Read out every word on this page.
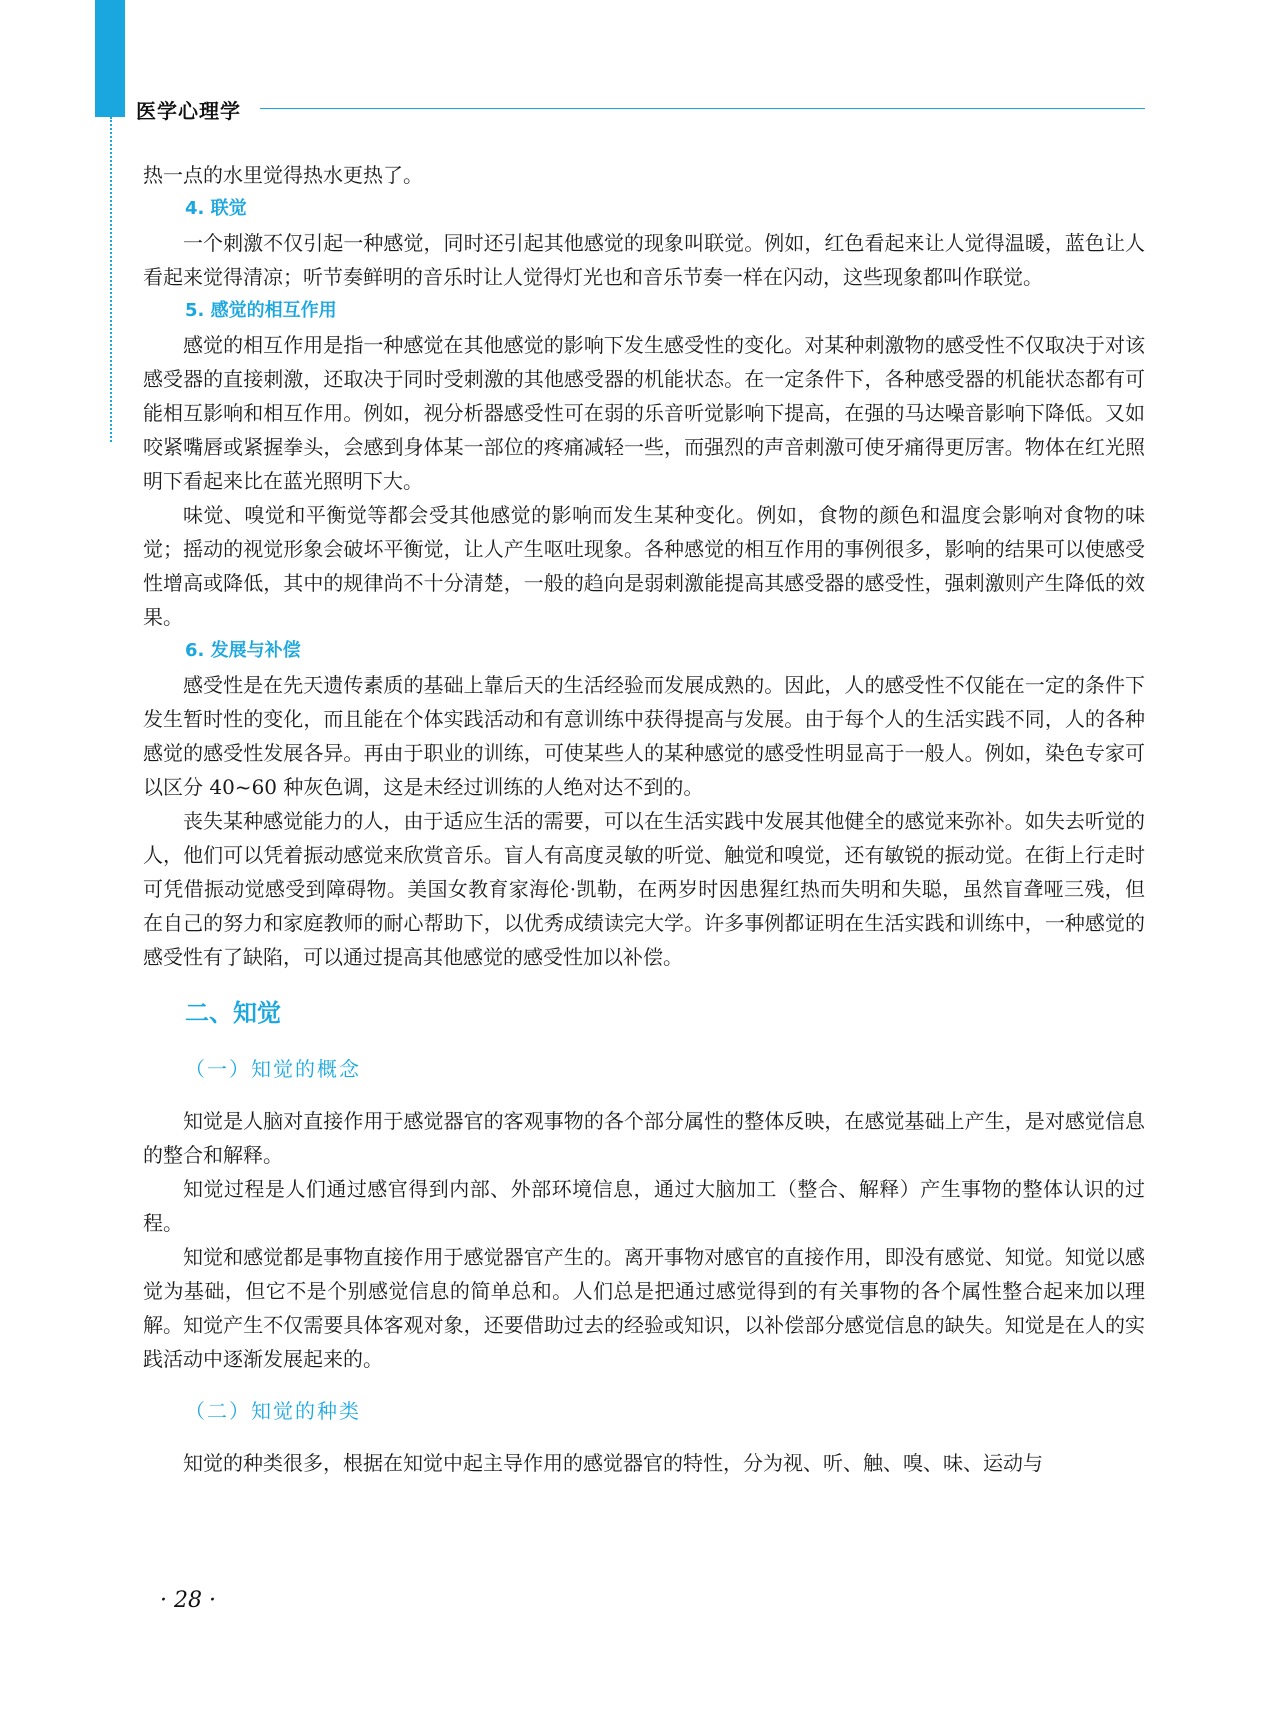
医学心理学

热一点的水里觉得热水更热了。

4. 联觉

一个刺激不仅引起一种感觉，同时还引起其他感觉的现象叫联觉。例如，红色看起来让人觉得温暖，蓝色让人看起来觉得清凉；听节奏鲜明的音乐时让人觉得灯光也和音乐节奏一样在闪动，这些现象都叫作联觉。

5. 感觉的相互作用

感觉的相互作用是指一种感觉在其他感觉的影响下发生感受性的变化。对某种刺激物的感受性不仅取决于对该感受器的直接刺激，还取决于同时受刺激的其他感受器的机能状态。在一定条件下，各种感受器的机能状态都有可能相互影响和相互作用。例如，视分析器感受性可在弱的乐音听觉影响下提高，在强的马达噪音影响下降低。又如咬紧嘴唇或紧握拳头，会感到身体某一部位的疼痛减轻一些，而强烈的声音刺激可使牙痛得更厉害。物体在红光照明下看起来比在蓝光照明下大。

味觉、嗅觉和平衡觉等都会受其他感觉的影响而发生某种变化。例如，食物的颜色和温度会影响对食物的味觉；摇动的视觉形象会破坏平衡觉，让人产生呕吐现象。各种感觉的相互作用的事例很多，影响的结果可以使感受性增高或降低，其中的规律尚不十分清楚，一般的趋向是弱刺激能提高其感受器的感受性，强刺激则产生降低的效果。

6. 发展与补偿

感受性是在先天遗传素质的基础上靠后天的生活经验而发展成熟的。因此，人的感受性不仅能在一定的条件下发生暂时性的变化，而且能在个体实践活动和有意训练中获得提高与发展。由于每个人的生活实践不同，人的各种感觉的感受性发展各异。再由于职业的训练，可使某些人的某种感觉的感受性明显高于一般人。例如，染色专家可以区分 40~60 种灰色调，这是未经过训练的人绝对达不到的。

丧失某种感觉能力的人，由于适应生活的需要，可以在生活实践中发展其他健全的感觉来弥补。如失去听觉的人，他们可以凭着振动感觉来欣赏音乐。盲人有高度灵敏的听觉、触觉和嗅觉，还有敏锐的振动觉。在街上行走时可凭借振动觉感受到障碍物。美国女教育家海伦·凯勒，在两岁时因患猩红热而失明和失聪，虽然盲聋哑三残，但在自己的努力和家庭教师的耐心帮助下，以优秀成绩读完大学。许多事例都证明在生活实践和训练中，一种感觉的感受性有了缺陷，可以通过提高其他感觉的感受性加以补偿。

二、知觉
（一）知觉的概念

知觉是人脑对直接作用于感觉器官的客观事物的各个部分属性的整体反映，在感觉基础上产生，是对感觉信息的整合和解释。

知觉过程是人们通过感官得到内部、外部环境信息，通过大脑加工（整合、解释）产生事物的整体认识的过程。

知觉和感觉都是事物直接作用于感觉器官产生的。离开事物对感官的直接作用，即没有感觉、知觉。知觉以感觉为基础，但它不是个别感觉信息的简单总和。人们总是把通过感觉得到的有关事物的各个属性整合起来加以理解。知觉产生不仅需要具体客观对象，还要借助过去的经验或知识，以补偿部分感觉信息的缺失。知觉是在人的实践活动中逐渐发展起来的。

（二）知觉的种类

知觉的种类很多，根据在知觉中起主导作用的感觉器官的特性，分为视、听、触、嗅、味、运动与

· 28 ·
